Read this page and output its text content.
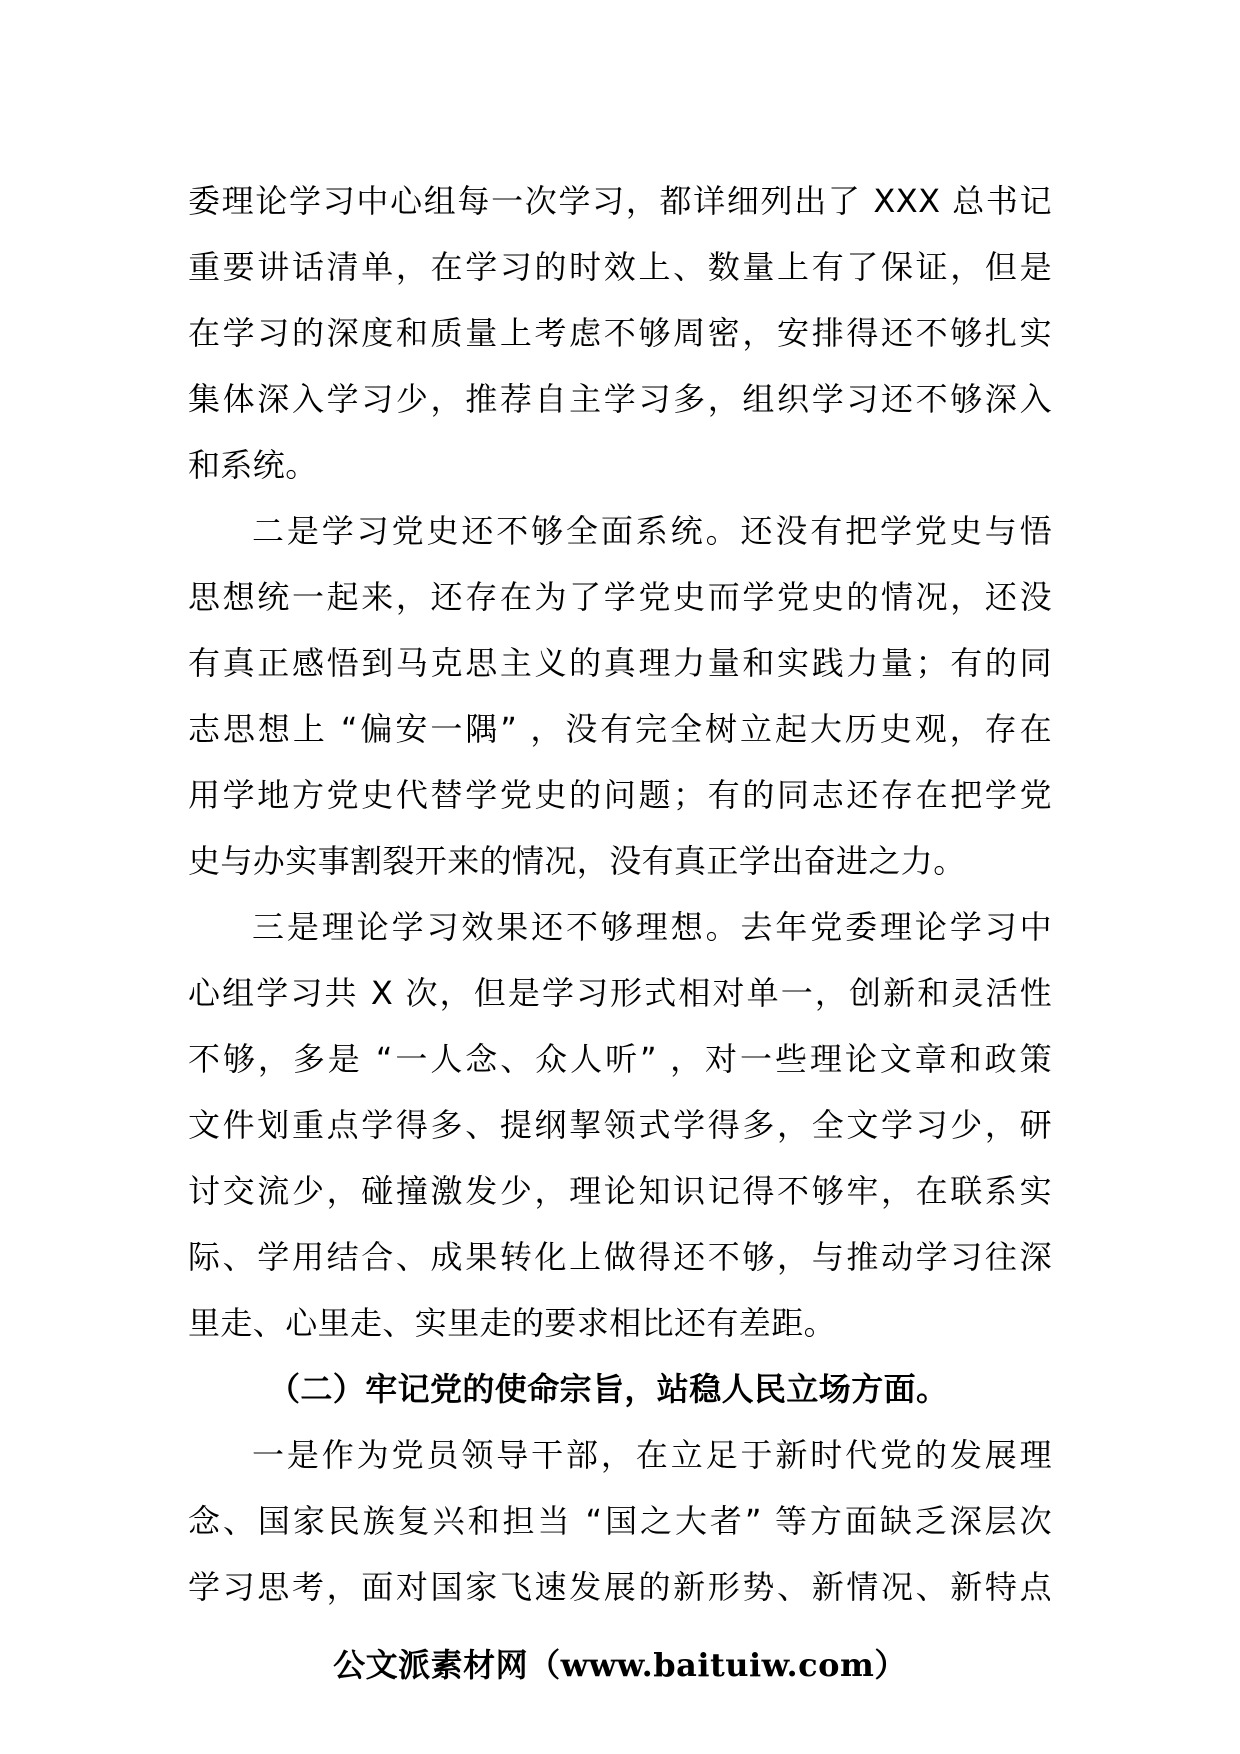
委理论学习中心组每一次学习，都详细列出了 XXX 总书记
重要讲话清单，在学习的时效上、数量上有了保证，但是
在学习的深度和质量上考虑不够周密，安排得还不够扎实
集体深入学习少，推荐自主学习多，组织学习还不够深入
和系统。
二是学习党史还不够全面系统。还没有把学党史与悟
思想统一起来，还存在为了学党史而学党史的情况，还没
有真正感悟到马克思主义的真理力量和实践力量；有的同
志思想上 “偏安一隅” ，没有完全树立起大历史观，存在
用学地方党史代替学党史的问题；有的同志还存在把学党
史与办实事割裂开来的情况，没有真正学出奋进之力。
三是理论学习效果还不够理想。去年党委理论学习中
心组学习共 X 次，但是学习形式相对单一，创新和灵活性
不够，多是 “一人念、众人听” ，对一些理论文章和政策
文件划重点学得多、提纲挈领式学得多，全文学习少，研
讨交流少，碰撞激发少，理论知识记得不够牢，在联系实
际、学用结合、成果转化上做得还不够，与推动学习往深
里走、心里走、实里走的要求相比还有差距。
（二）牢记党的使命宗旨，站稳人民立场方面。
一是作为党员领导干部，在立足于新时代党的发展理
念、国家民族复兴和担当 “国之大者” 等方面缺乏深层次
学习思考，面对国家飞速发展的新形势、新情况、新特点
公文派素材网（www.baituiw.com）
